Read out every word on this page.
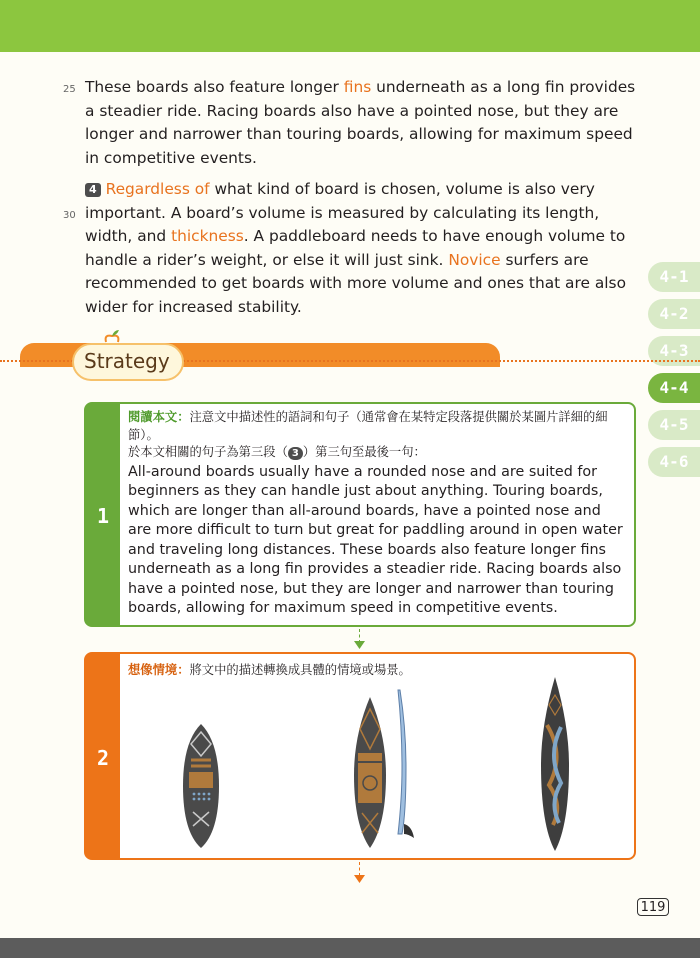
25 These boards also feature longer fins underneath as a long fin provides a steadier ride. Racing boards also have a pointed nose, but they are longer and narrower than touring boards, allowing for maximum speed in competitive events.

30
4 Regardless of what kind of board is chosen, volume is also very important. A board’s volume is measured by calculating its length, width, and thickness. A paddleboard needs to have enough volume to handle a rider’s weight, or else it will just sink. Novice surfers are recommended to get boards with more volume and ones that are also wider for increased stability.

4-1
4-2
4-3
4-4
4-5
4-6
Strategy
1

閱讀本文：注意文中描述性的語詞和句子（通常會在某特定段落提供關於某圖片詳細的細節）。

於本文相關的句子為第三段（ 3 ）第三句至最後一句：

All-around boards usually have a rounded nose and are suited for beginners as they can handle just about anything. Touring boards, which are longer than all-around boards, have a pointed nose and are more difficult to turn but great for paddling around in open water and traveling long distances. These boards also feature longer fins underneath as a long fin provides a steadier ride. Racing boards also have a pointed nose, but they are longer and narrower than touring boards, allowing for maximum speed in competitive events.

2
想像情境：將文中的描述轉換成具體的情境或場景。
119
